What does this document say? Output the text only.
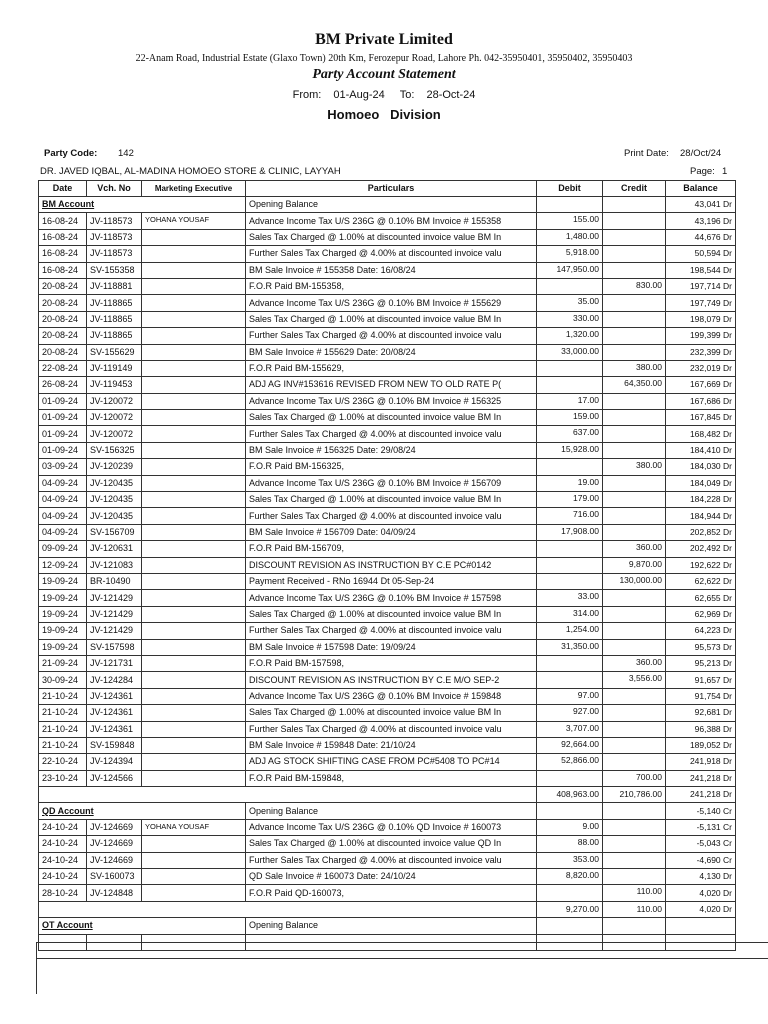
BM Private Limited
22-Anam Road, Industrial Estate (Glaxo Town) 20th Km, Ferozepur Road, Lahore Ph. 042-35950401, 35950402, 35950403
Party Account Statement
From: 01-Aug-24 To: 28-Oct-24
Homoeo   Division
Party Code: 142	Print Date: 28/Oct/24
DR. JAVED IQBAL, AL-MADINA HOMOEO STORE & CLINIC, LAYYAH	Page: 1
Date	Vch. No	Marketing Executive	Particulars	Debit	Credit	Balance
BM Account			Opening Balance			43,041 Dr
16-08-24	JV-118573	YOHANA YOUSAF	Advance Income Tax U/S 236G @ 0.10% BM Invoice # 155358	155.00		43,196 Dr
16-08-24	JV-118573		Sales Tax Charged @ 1.00% at discounted invoice value BM In	1,480.00		44,676 Dr
16-08-24	JV-118573		Further Sales Tax Charged @ 4.00% at discounted invoice valu	5,918.00		50,594 Dr
16-08-24	SV-155358		BM Sale Invoice # 155358 Date: 16/08/24	147,950.00		198,544 Dr
20-08-24	JV-118881		F.O.R Paid BM-155358,		830.00	197,714 Dr
20-08-24	JV-118865		Advance Income Tax U/S 236G @ 0.10% BM Invoice # 155629	35.00		197,749 Dr
20-08-24	JV-118865		Sales Tax Charged @ 1.00% at discounted invoice value BM In	330.00		198,079 Dr
20-08-24	JV-118865		Further Sales Tax Charged @ 4.00% at discounted invoice valu	1,320.00		199,399 Dr
20-08-24	SV-155629		BM Sale Invoice # 155629 Date: 20/08/24	33,000.00		232,399 Dr
22-08-24	JV-119149		F.O.R Paid BM-155629,		380.00	232,019 Dr
26-08-24	JV-119453		ADJ AG INV#153616 REVISED FROM NEW TO OLD RATE P(		64,350.00	167,669 Dr
01-09-24	JV-120072		Advance Income Tax U/S 236G @ 0.10% BM Invoice # 156325	17.00		167,686 Dr
01-09-24	JV-120072		Sales Tax Charged @ 1.00% at discounted invoice value BM In	159.00		167,845 Dr
01-09-24	JV-120072		Further Sales Tax Charged @ 4.00% at discounted invoice valu	637.00		168,482 Dr
01-09-24	SV-156325		BM Sale Invoice # 156325 Date: 29/08/24	15,928.00		184,410 Dr
03-09-24	JV-120239		F.O.R Paid BM-156325,		380.00	184,030 Dr
04-09-24	JV-120435		Advance Income Tax U/S 236G @ 0.10% BM Invoice # 156709	19.00		184,049 Dr
04-09-24	JV-120435		Sales Tax Charged @ 1.00% at discounted invoice value BM In	179.00		184,228 Dr
04-09-24	JV-120435		Further Sales Tax Charged @ 4.00% at discounted invoice valu	716.00		184,944 Dr
04-09-24	SV-156709		BM Sale Invoice # 156709 Date: 04/09/24	17,908.00		202,852 Dr
09-09-24	JV-120631		F.O.R Paid BM-156709,		360.00	202,492 Dr
12-09-24	JV-121083		DISCOUNT REVISION AS INSTRUCTION BY C.E PC#0142		9,870.00	192,622 Dr
19-09-24	BR-10490		Payment Received - RNo 16944 Dt 05-Sep-24		130,000.00	62,622 Dr
19-09-24	JV-121429		Advance Income Tax U/S 236G @ 0.10% BM Invoice # 157598	33.00		62,655 Dr
19-09-24	JV-121429		Sales Tax Charged @ 1.00% at discounted invoice value BM In	314.00		62,969 Dr
19-09-24	JV-121429		Further Sales Tax Charged @ 4.00% at discounted invoice valu	1,254.00		64,223 Dr
19-09-24	SV-157598		BM Sale Invoice # 157598 Date: 19/09/24	31,350.00		95,573 Dr
21-09-24	JV-121731		F.O.R Paid BM-157598,		360.00	95,213 Dr
30-09-24	JV-124284		DISCOUNT REVISION AS INSTRUCTION BY C.E M/O SEP-2		3,556.00	91,657 Dr
21-10-24	JV-124361		Advance Income Tax U/S 236G @ 0.10% BM Invoice # 159848	97.00		91,754 Dr
21-10-24	JV-124361		Sales Tax Charged @ 1.00% at discounted invoice value BM In	927.00		92,681 Dr
21-10-24	JV-124361		Further Sales Tax Charged @ 4.00% at discounted invoice valu	3,707.00		96,388 Dr
21-10-24	SV-159848		BM Sale Invoice # 159848 Date: 21/10/24	92,664.00		189,052 Dr
22-10-24	JV-124394		ADJ AG STOCK SHIFTING CASE FROM PC#5408 TO PC#14	52,866.00		241,918 Dr
23-10-24	JV-124566		F.O.R Paid BM-159848,		700.00	241,218 Dr
				408,963.00	210,786.00	241,218 Dr
QD Account			Opening Balance			-5,140 Cr
24-10-24	JV-124669	YOHANA YOUSAF	Advance Income Tax U/S 236G @ 0.10% QD Invoice # 160073	9.00		-5,131 Cr
24-10-24	JV-124669		Sales Tax Charged @ 1.00% at discounted invoice value QD In	88.00		-5,043 Cr
24-10-24	JV-124669		Further Sales Tax Charged @ 4.00% at discounted invoice valu	353.00		-4,690 Cr
24-10-24	SV-160073		QD Sale Invoice # 160073 Date: 24/10/24	8,820.00		4,130 Dr
28-10-24	JV-124848		F.O.R Paid QD-160073,		110.00	4,020 Dr
				9,270.00	110.00	4,020 Dr
OT Account			Opening Balance			
